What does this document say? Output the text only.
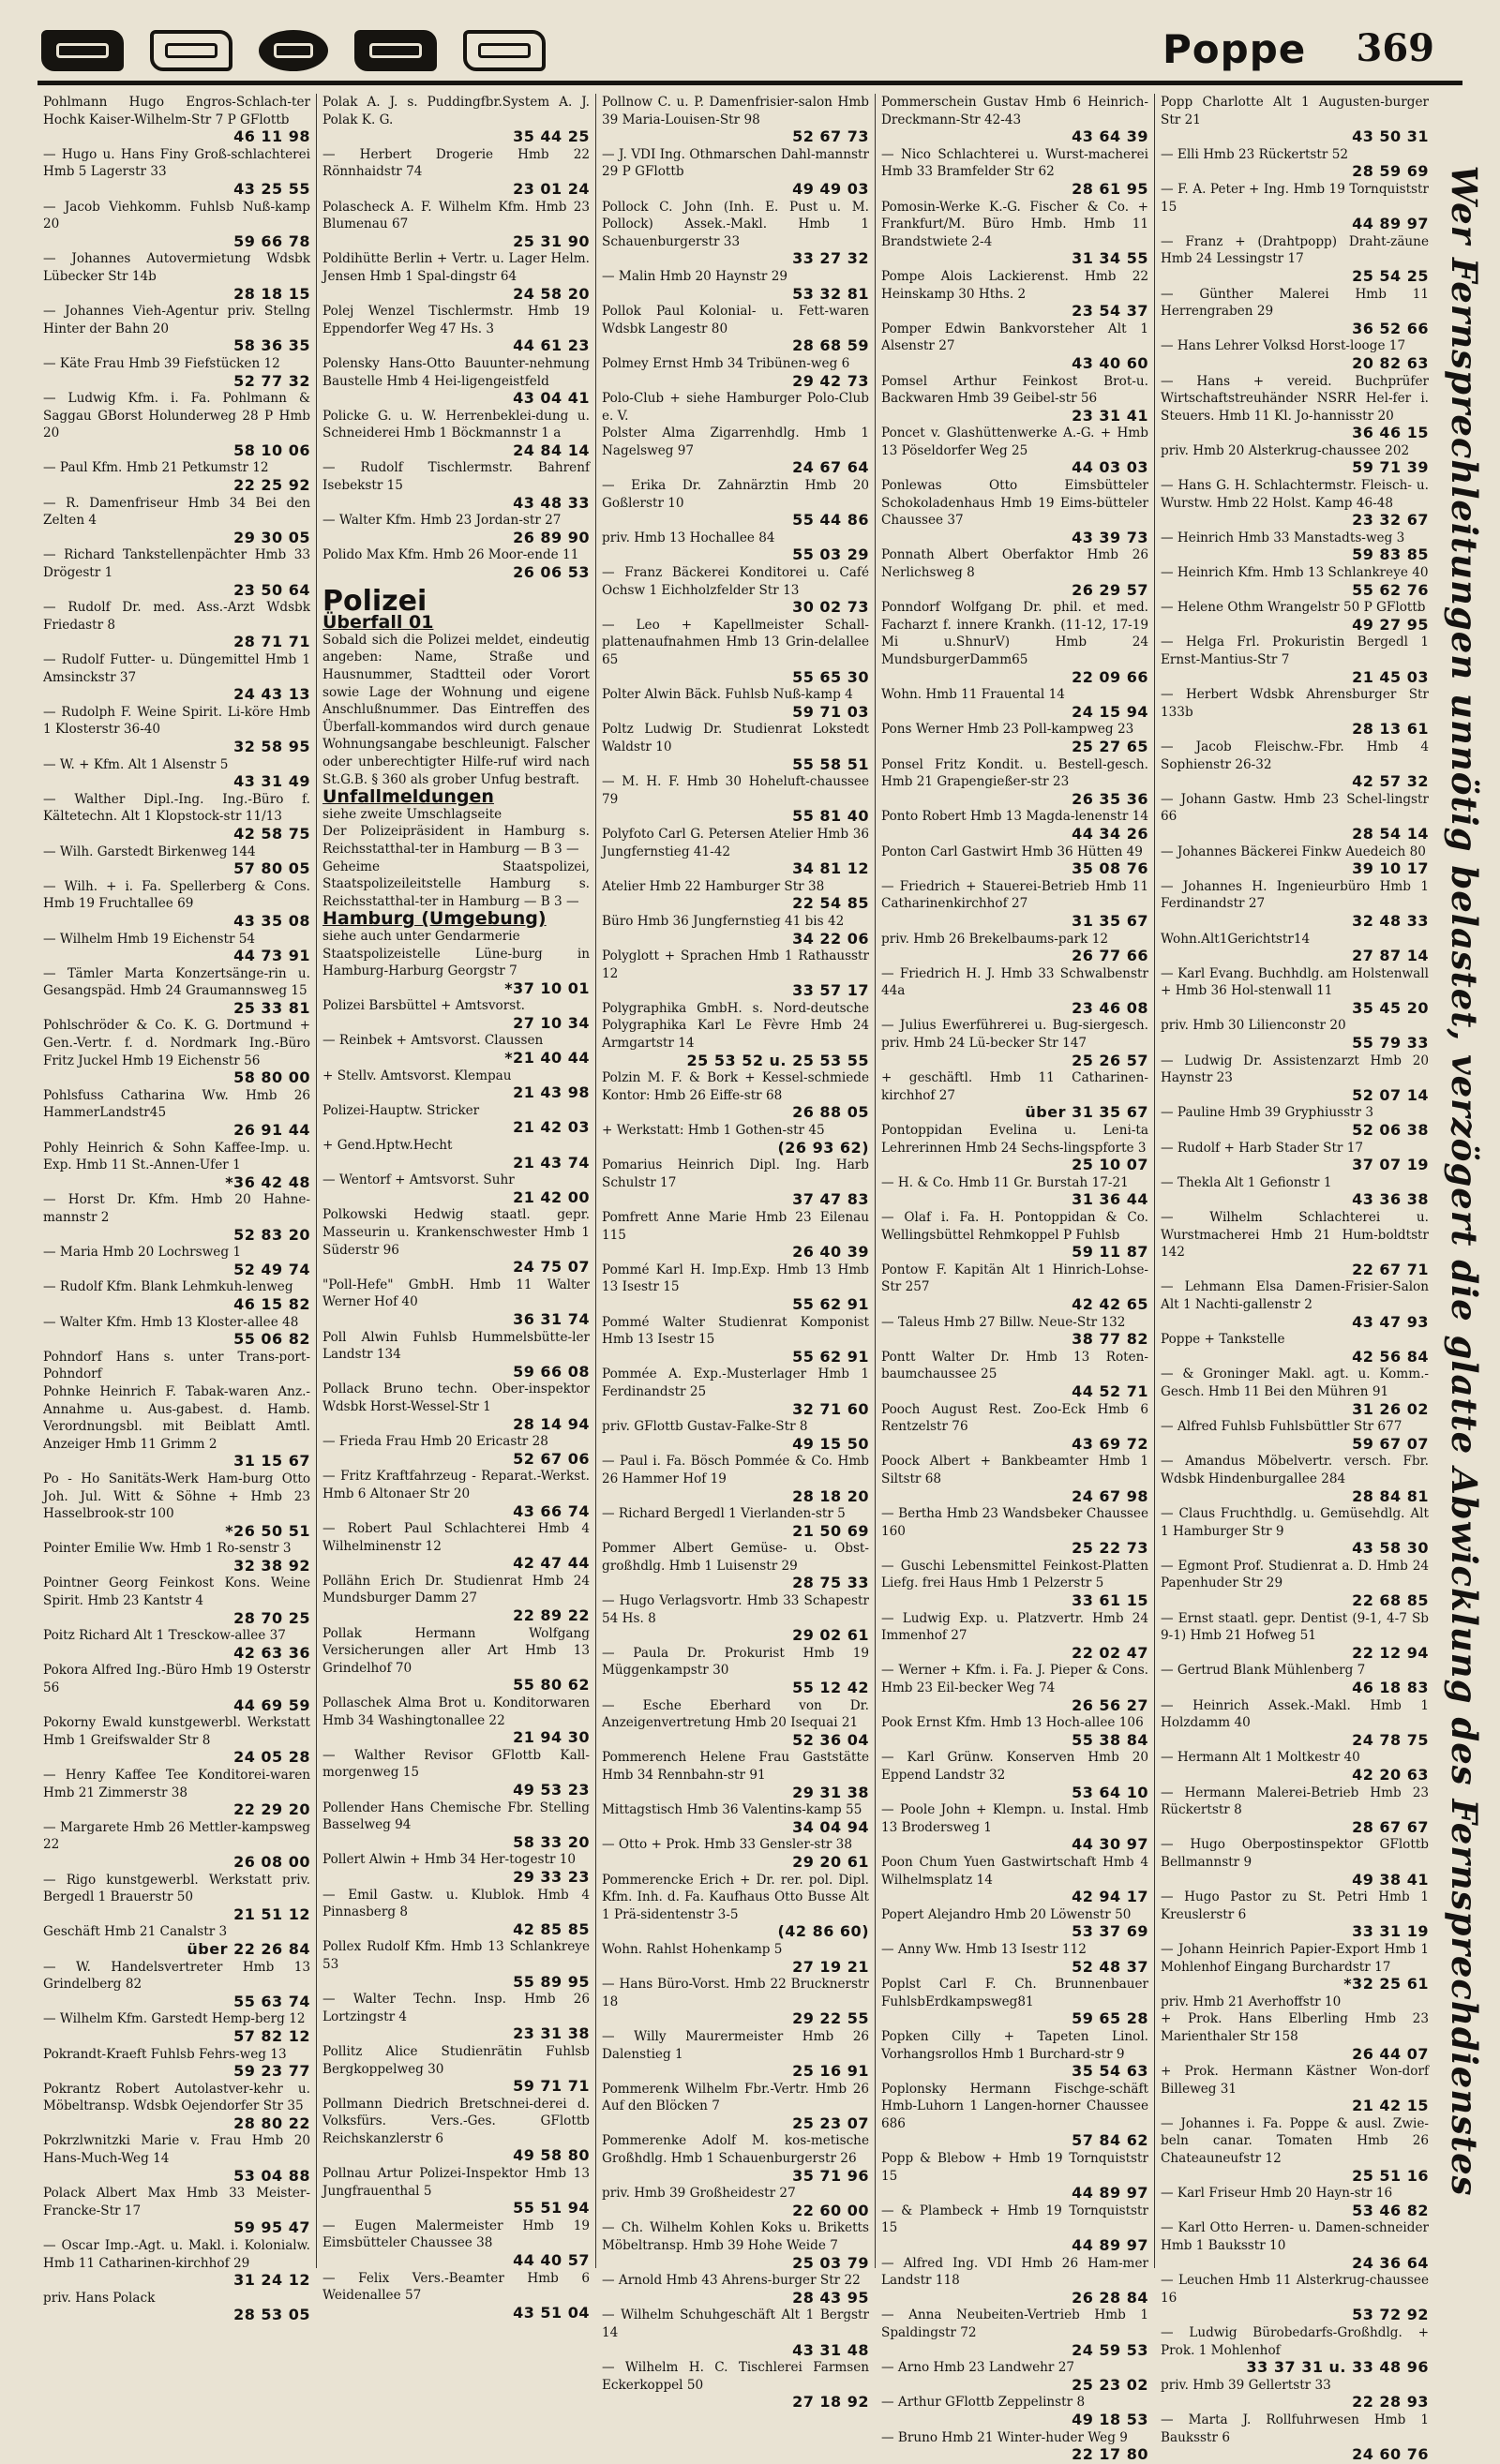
Poppe 369
Pohlmann Hugo Engros-Schlach-ter Hochk Kaiser-Wilhelm-Str 7 P GFlottb
46 11 98
— Hugo u. Hans Finy Groß-schlachterei Hmb 5 Lagerstr 33
43 25 55
— Jacob Viehkomm. Fuhlsb Nuß-kamp 20
59 66 78
— Johannes Autovermietung Wdsbk Lübecker Str 14b
28 18 15
— Johannes Vieh-Agentur priv. Stellng Hinter der Bahn 20
58 36 35
— Käte Frau Hmb 39 Fiefstücken 12
52 77 32
— Ludwig Kfm. i. Fa. Pohlmann & Saggau GBorst Holunderweg 28 P Hmb 20
58 10 06
— Paul Kfm. Hmb 21 Petkumstr 12
22 25 92
— R. Damenfriseur Hmb 34 Bei den Zelten 4
29 30 05
— Richard Tankstellenpächter Hmb 33 Drögestr 1
23 50 64
— Rudolf Dr. med. Ass.-Arzt Wdsbk Friedastr 8
28 71 71
— Rudolf Futter- u. Düngemittel Hmb 1 Amsinckstr 37
24 43 13
— Rudolph F. Weine Spirit. Li-köre Hmb 1 Klosterstr 36-40
32 58 95
— W. + Kfm. Alt 1 Alsenstr 5
43 31 49
— Walther Dipl.-Ing. Ing.-Büro f. Kältetechn. Alt 1 Klopstock-str 11/13
42 58 75
— Wilh. Garstedt Birkenweg 144
57 80 05
— Wilh. + i. Fa. Spellerberg & Cons. Hmb 19 Fruchtallee 69
43 35 08
— Wilhelm Hmb 19 Eichenstr 54
44 73 91
— Tämler Marta Konzertsänge-rin u. Gesangspäd. Hmb 24 Graumannsweg 15
25 33 81
Pohlschröder & Co. K. G. Dortmund + Gen.-Vertr. f. d. Nordmark Ing.-Büro Fritz Juckel Hmb 19 Eichenstr 56
58 80 00
Pohlsfuss Catharina Ww. Hmb 26 HammerLandstr45
26 91 44
Pohly Heinrich & Sohn Kaffee-Imp. u. Exp. Hmb 11 St.-Annen-Ufer 1
*36 42 48
— Horst Dr. Kfm. Hmb 20 Hahne-mannstr 2
52 83 20
— Maria Hmb 20 Lochrsweg 1
52 49 74
— Rudolf Kfm. Blank Lehmkuh-lenweg
46 15 82
— Walter Kfm. Hmb 13 Kloster-allee 48
55 06 82
Pohndorf Hans s. unter Trans-port-Pohndorf
Pohnke Heinrich F. Tabak-waren Anz.-Annahme u. Aus-gabest. d. Hamb. Verordnungsbl. mit Beiblatt Amtl. Anzeiger Hmb 11 Grimm 2
31 15 67
Po - Ho Sanitäts-Werk Ham-burg Otto Joh. Jul. Witt & Söhne + Hmb 23 Hasselbrook-str 100
*26 50 51
Pointer Emilie Ww. Hmb 1 Ro-senstr 3
32 38 92
Pointner Georg Feinkost Kons. Weine Spirit. Hmb 23 Kantstr 4
28 70 25
Poitz Richard Alt 1 Tresckow-allee 37
42 63 36
Pokora Alfred Ing.-Büro Hmb 19 Osterstr 56
44 69 59
Pokorny Ewald kunstgewerbl. Werkstatt Hmb 1 Greifswalder Str 8
24 05 28
— Henry Kaffee Tee Konditorei-waren Hmb 21 Zimmerstr 38
22 29 20
— Margarete Hmb 26 Mettler-kampsweg 22
26 08 00
— Rigo kunstgewerbl. Werkstatt priv. Bergedl 1 Brauerstr 50
21 51 12
Geschäft Hmb 21 Canalstr 3
über 22 26 84
— W. Handelsvertreter Hmb 13 Grindelberg 82
55 63 74
— Wilhelm Kfm. Garstedt Hemp-berg 12
57 82 12
Pokrandt-Kraeft Fuhlsb Fehrs-weg 13
59 23 77
Pokrantz Robert Autolastver-kehr u. Möbeltransp. Wdsbk Oejendorfer Str 35
28 80 22
Pokrzlwnitzki Marie v. Frau Hmb 20 Hans-Much-Weg 14
53 04 88
Polack Albert Max Hmb 33 Meister-Francke-Str 17
59 95 47
— Oscar Imp.-Agt. u. Makl. i. Kolonialw. Hmb 11 Catharinen-kirchhof 29
31 24 12
priv. Hans Polack
28 53 05
Polak A. J. s. Puddingfbr.System A. J. Polak K. G.
35 44 25
— Herbert Drogerie Hmb 22 Rönnhaidstr 74
23 01 24
Polascheck A. F. Wilhelm Kfm. Hmb 23 Blumenau 67
25 31 90
Poldihütte Berlin + Vertr. u. Lager Helm. Jensen Hmb 1 Spal-dingstr 64
24 58 20
Polej Wenzel Tischlermstr. Hmb 19 Eppendorfer Weg 47 Hs. 3
44 61 23
Polensky Hans-Otto Bauunter-nehmung Baustelle Hmb 4 Hei-ligengeistfeld
43 04 41
Policke G. u. W. Herrenbeklei-dung u. Schneiderei Hmb 1 Böckmannstr 1 a
24 84 14
— Rudolf Tischlermstr. Bahrenf Isebekstr 15
43 48 33
— Walter Kfm. Hmb 23 Jordan-str 27
26 89 90
Polido Max Kfm. Hmb 26 Moor-ende 11
26 06 53
Polizei
Überfall 01
Sobald sich die Polizei meldet, eindeutig angeben: Name, Straße und Hausnummer, Stadtteil oder Vorort sowie Lage der Wohnung und eigene Anschlußnummer. Das Eintreffen des Überfall-kommandos wird durch genaue Wohnungsangabe beschleunigt. Falscher oder unberechtigter Hilfe-ruf wird nach St.G.B. § 360 als grober Unfug bestraft.
Unfallmeldungen
siehe zweite Umschlagseite
Der Polizeipräsident in Hamburg s. Reichsstatthal-ter in Hamburg — B 3 —
Geheime Staatspolizei, Staatspolizeileitstelle Hamburg s. Reichsstatthal-ter in Hamburg — B 3 —
Hamburg (Umgebung)
siehe auch unter Gendarmerie
Staatspolizeistelle Lüne-burg in Hamburg-Harburg Georgstr 7
*37 10 01
Polizei Barsbüttel + Amtsvorst.
27 10 34
— Reinbek + Amtsvorst. Claussen
*21 40 44
+ Stellv. Amtsvorst. Klempau
21 43 98
Polizei-Hauptw. Stricker
21 42 03
+ Gend.Hptw.Hecht
21 43 74
— Wentorf + Amtsvorst. Suhr
21 42 00
Polkowski Hedwig staatl. gepr. Masseurin u. Krankenschwester Hmb 1 Süderstr 96
24 75 07
"Poll-Hefe" GmbH. Hmb 11 Walter Werner Hof 40
36 31 74
Poll Alwin Fuhlsb Hummelsbütte-ler Landstr 134
59 66 08
Pollack Bruno techn. Ober-inspektor Wdsbk Horst-Wessel-Str 1
28 14 94
— Frieda Frau Hmb 20 Ericastr 28
52 67 06
— Fritz Kraftfahrzeug - Reparat.-Werkst. Hmb 6 Altonaer Str 20
43 66 74
— Robert Paul Schlachterei Hmb 4 Wilhelminenstr 12
42 47 44
Pollähn Erich Dr. Studienrat Hmb 24 Mundsburger Damm 27
22 89 22
Pollak Hermann Wolfgang Versicherungen aller Art Hmb 13 Grindelhof 70
55 80 62
Pollaschek Alma Brot u. Konditorwaren Hmb 34 Washingtonallee 22
21 94 30
— Walther Revisor GFlottb Kall-morgenweg 15
49 53 23
Pollender Hans Chemische Fbr. Stelling Basselweg 94
58 33 20
Pollert Alwin + Hmb 34 Her-togestr 10
29 33 23
— Emil Gastw. u. Klublok. Hmb 4 Pinnasberg 8
42 85 85
Pollex Rudolf Kfm. Hmb 13 Schlankreye 53
55 89 95
— Walter Techn. Insp. Hmb 26 Lortzingstr 4
23 31 38
Pollitz Alice Studienrätin Fuhlsb Bergkoppelweg 30
59 71 71
Pollmann Diedrich Bretschnei-derei d. Volksfürs. Vers.-Ges. GFlottb Reichskanzlerstr 6
49 58 80
Pollnau Artur Polizei-Inspektor Hmb 13 Jungfrauenthal 5
55 51 94
— Eugen Malermeister Hmb 19 Eimsbütteler Chaussee 38
44 40 57
— Felix Vers.-Beamter Hmb 6 Weidenallee 57
43 51 04
Pollnow C. u. P. Damenfrisier-salon Hmb 39 Maria-Louisen-Str 98
52 67 73
— J. VDI Ing. Othmarschen Dahl-mannstr 29 P GFlottb
49 49 03
Pollock C. John (Inh. E. Pust u. M. Pollock) Assek.-Makl. Hmb 1 Schauenburgerstr 33
33 27 32
— Malin Hmb 20 Haynstr 29
53 32 81
Pollok Paul Kolonial- u. Fett-waren Wdsbk Langestr 80
28 68 59
Polmey Ernst Hmb 34 Tribünen-weg 6
29 42 73
Polo-Club + siehe Hamburger Polo-Club e. V.
Polster Alma Zigarrenhdlg. Hmb 1 Nagelsweg 97
24 67 64
— Erika Dr. Zahnärztin Hmb 20 Goßlerstr 10
55 44 86
priv. Hmb 13 Hochallee 84
55 03 29
— Franz Bäckerei Konditorei u. Café Ochsw 1 Eichholzfelder Str 13
30 02 73
— Leo + Kapellmeister Schall-plattenaufnahmen Hmb 13 Grin-delallee 65
55 65 30
Polter Alwin Bäck. Fuhlsb Nuß-kamp 4
59 71 03
Poltz Ludwig Dr. Studienrat Lokstedt Waldstr 10
55 58 51
— M. H. F. Hmb 30 Hoheluft-chaussee 79
55 81 40
Polyfoto Carl G. Petersen Atelier Hmb 36 Jungfernstieg 41-42
34 81 12
Atelier Hmb 22 Hamburger Str 38
22 54 85
Büro Hmb 36 Jungfernstieg 41 bis 42
34 22 06
Polyglott + Sprachen Hmb 1 Rathausstr 12
33 57 17
Polygraphika GmbH. s. Nord-deutsche Polygraphika Karl Le Fèvre Hmb 24 Armgartstr 14
25 53 52 u. 25 53 55
Polzin M. F. & Bork + Kessel-schmiede Kontor: Hmb 26 Eiffe-str 68
26 88 05
+ Werkstatt: Hmb 1 Gothen-str 45
(26 93 62)
Pomarius Heinrich Dipl. Ing. Harb Schulstr 17
37 47 83
Pomfrett Anne Marie Hmb 23 Eilenau 115
26 40 39
Pommé Karl H. Imp.Exp. Hmb 13 Hmb 13 Isestr 15
55 62 91
Pommé Walter Studienrat Komponist Hmb 13 Isestr 15
55 62 91
Pommée A. Exp.-Musterlager Hmb 1 Ferdinandstr 25
32 71 60
priv. GFlottb Gustav-Falke-Str 8
49 15 50
— Paul i. Fa. Bösch Pommée & Co. Hmb 26 Hammer Hof 19
28 18 20
— Richard Bergedl 1 Vierlanden-str 5
21 50 69
Pommer Albert Gemüse- u. Obst-großhdlg. Hmb 1 Luisenstr 29
28 75 33
— Hugo Verlagsvortr. Hmb 33 Schapestr 54 Hs. 8
29 02 61
— Paula Dr. Prokurist Hmb 19 Müggenkampstr 30
55 12 42
— Esche Eberhard von Dr. Anzeigenvertretung Hmb 20 Isequai 21
52 36 04
Pommerench Helene Frau Gaststätte Hmb 34 Rennbahn-str 91
29 31 38
Mittagstisch Hmb 36 Valentins-kamp 55
34 04 94
— Otto + Prok. Hmb 33 Gensler-str 38
29 20 61
Pommerencke Erich + Dr. rer. pol. Dipl. Kfm. Inh. d. Fa. Kaufhaus Otto Busse Alt 1 Prä-sidentenstr 3-5
(42 86 60)
Wohn. Rahlst Hohenkamp 5
27 19 21
— Hans Büro-Vorst. Hmb 22 Brucknerstr 18
29 22 55
— Willy Maurermeister Hmb 26 Dalenstieg 1
25 16 91
Pommerenk Wilhelm Fbr.-Vertr. Hmb 26 Auf den Blöcken 7
25 23 07
Pommerenke Adolf M. kos-metische Großhdlg. Hmb 1 Schauenburgerstr 26
35 71 96
priv. Hmb 39 Großheidestr 27
22 60 00
— Ch. Wilhelm Kohlen Koks u. Briketts Möbeltransp. Hmb 39 Hohe Weide 7
25 03 79
— Arnold Hmb 43 Ahrens-burger Str 22
28 43 95
— Wilhelm Schuhgeschäft Alt 1 Bergstr 14
43 31 48
— Wilhelm H. C. Tischlerei Farmsen Eckerkoppel 50
27 18 92
Pommerschein Gustav Hmb 6 Heinrich-Dreckmann-Str 42-43
43 64 39
— Nico Schlachterei u. Wurst-macherei Hmb 33 Bramfelder Str 62
28 61 95
Pomosin-Werke K.-G. Fischer & Co. + Frankfurt/M. Büro Hmb. Hmb 11 Brandstwiete 2-4
31 34 55
Pompe Alois Lackierenst. Hmb 22 Heinskamp 30 Hths. 2
23 54 37
Pomper Edwin Bankvorsteher Alt 1 Alsenstr 27
43 40 60
Pomsel Arthur Feinkost Brot-u. Backwaren Hmb 39 Geibel-str 56
23 31 41
Poncet v. Glashüttenwerke A.-G. + Hmb 13 Pöseldorfer Weg 25
44 03 03
Ponlewas Otto Eimsbütteler Schokoladenhaus Hmb 19 Eims-bütteler Chaussee 37
43 39 73
Ponnath Albert Oberfaktor Hmb 26 Nerlichsweg 8
26 29 57
Ponndorf Wolfgang Dr. phil. et med. Facharzt f. innere Krankh. (11-12, 17-19 Mi u.ShnurV) Hmb 24 MundsburgerDamm65
22 09 66
Wohn. Hmb 11 Frauental 14
24 15 94
Pons Werner Hmb 23 Poll-kampweg 23
25 27 65
Ponsel Fritz Kondit. u. Bestell-gesch. Hmb 21 Grapengießer-str 23
26 35 36
Ponto Robert Hmb 13 Magda-lenenstr 14
44 34 26
Ponton Carl Gastwirt Hmb 36 Hütten 49
35 08 76
— Friedrich + Stauerei-Betrieb Hmb 11 Catharinenkirchhof 27
31 35 67
priv. Hmb 26 Brekelbaums-park 12
26 77 66
— Friedrich H. J. Hmb 33 Schwalbenstr 44a
23 46 08
— Julius Ewerführerei u. Bug-siergesch. priv. Hmb 24 Lü-becker Str 147
25 26 57
+ geschäftl. Hmb 11 Catharinen-kirchhof 27
über 31 35 67
Pontoppidan Evelina u. Leni-ta Lehrerinnen Hmb 24 Sechs-lingspforte 3
25 10 07
— H. & Co. Hmb 11 Gr. Burstah 17-21
31 36 44
— Olaf i. Fa. H. Pontoppidan & Co. Wellingsbüttel Rehmkoppel P Fuhlsb
59 11 87
Pontow F. Kapitän Alt 1 Hinrich-Lohse-Str 257
42 42 65
— Taleus Hmb 27 Billw. Neue-Str 132
38 77 82
Pontt Walter Dr. Hmb 13 Roten-baumchaussee 25
44 52 71
Pooch August Rest. Zoo-Eck Hmb 6 Rentzelstr 76
43 69 72
Poock Albert + Bankbeamter Hmb 1 Siltstr 68
24 67 98
— Bertha Hmb 23 Wandsbeker Chaussee 160
25 22 73
— Guschi Lebensmittel Feinkost-Platten Liefg. frei Haus Hmb 1 Pelzerstr 5
33 61 15
— Ludwig Exp. u. Platzvertr. Hmb 24 Immenhof 27
22 02 47
— Werner + Kfm. i. Fa. J. Pieper & Cons. Hmb 23 Eil-becker Weg 74
26 56 27
Pook Ernst Kfm. Hmb 13 Hoch-allee 106
55 38 84
— Karl Grünw. Konserven Hmb 20 Eppend Landstr 32
53 64 10
— Poole John + Klempn. u. Instal. Hmb 13 Brodersweg 1
44 30 97
Poon Chum Yuen Gastwirtschaft Hmb 4 Wilhelmsplatz 14
42 94 17
Popert Alejandro Hmb 20 Löwenstr 50
53 37 69
— Anny Ww. Hmb 13 Isestr 112
52 48 37
Poplst Carl F. Ch. Brunnenbauer FuhlsbErdkampsweg81
59 65 28
Popken Cilly + Tapeten Linol. Vorhangsrollos Hmb 1 Burchard-str 9
35 54 63
Poplonsky Hermann Fischge-schäft Hmb-Luhorn 1 Langen-horner Chaussee 686
57 84 62
Popp & Blebow + Hmb 19 Tornquiststr 15
44 89 97
— & Plambeck + Hmb 19 Tornquiststr 15
44 89 97
— Alfred Ing. VDI Hmb 26 Ham-mer Landstr 118
26 28 84
— Anna Neubeiten-Vertrieb Hmb 1 Spaldingstr 72
24 59 53
— Arno Hmb 23 Landwehr 27
25 23 02
— Arthur GFlottb Zeppelinstr 8
49 18 53
— Bruno Hmb 21 Winter-huder Weg 9
22 17 80
Popp Charlotte Alt 1 Augusten-burger Str 21
43 50 31
— Elli Hmb 23 Rückertstr 52
28 59 69
— F. A. Peter + Ing. Hmb 19 Tornquiststr 15
44 89 97
— Franz + (Drahtpopp) Draht-zäune Hmb 24 Lessingstr 17
25 54 25
— Günther Malerei Hmb 11 Herrengraben 29
36 52 66
— Hans Lehrer Volksd Horst-looge 17
20 82 63
— Hans + vereid. Buchprüfer Wirtschaftstreuhänder NSRR Hel-fer i. Steuers. Hmb 11 Kl. Jo-hannisstr 20
36 46 15
priv. Hmb 20 Alsterkrug-chaussee 202
59 71 39
— Hans G. H. Schlachtermstr. Fleisch- u. Wurstw. Hmb 22 Holst. Kamp 46-48
23 32 67
— Heinrich Hmb 33 Manstadts-weg 3
59 83 85
— Heinrich Kfm. Hmb 13 Schlankreye 40
55 62 76
— Helene Othm Wrangelstr 50 P GFlottb
49 27 95
— Helga Frl. Prokuristin Bergedl 1 Ernst-Mantius-Str 7
21 45 03
— Herbert Wdsbk Ahrensburger Str 133b
28 13 61
— Jacob Fleischw.-Fbr. Hmb 4 Sophienstr 26-32
42 57 32
— Johann Gastw. Hmb 23 Schel-lingstr 66
28 54 14
— Johannes Bäckerei Finkw Auedeich 80
39 10 17
— Johannes H. Ingenieurbüro Hmb 1 Ferdinandstr 27
32 48 33
Wohn.Alt1Gerichtstr14
27 87 14
— Karl Evang. Buchhdlg. am Holstenwall + Hmb 36 Hol-stenwall 11
35 45 20
priv. Hmb 30 Lilienconstr 20
55 79 33
— Ludwig Dr. Assistenzarzt Hmb 20 Haynstr 23
52 07 14
— Pauline Hmb 39 Gryphiusstr 3
52 06 38
— Rudolf + Harb Stader Str 17
37 07 19
— Thekla Alt 1 Gefionstr 1
43 36 38
— Wilhelm Schlachterei u. Wurstmacherei Hmb 21 Hum-boldtstr 142
22 67 71
— Lehmann Elsa Damen-Frisier-Salon Alt 1 Nachti-gallenstr 2
43 47 93
Poppe + Tankstelle
42 56 84
— & Groninger Makl. agt. u. Komm.-Gesch. Hmb 11 Bei den Mühren 91
31 26 02
— Alfred Fuhlsb Fuhlsbüttler Str 677
59 67 07
— Amandus Möbelvertr. versch. Fbr. Wdsbk Hindenburgallee 284
28 84 81
— Claus Fruchthdlg. u. Gemüsehdlg. Alt 1 Hamburger Str 9
43 58 30
— Egmont Prof. Studienrat a. D. Hmb 24 Papenhuder Str 29
22 68 85
— Ernst staatl. gepr. Dentist (9-1, 4-7 Sb 9-1) Hmb 21 Hofweg 51
22 12 94
— Gertrud Blank Mühlenberg 7
46 18 83
— Heinrich Assek.-Makl. Hmb 1 Holzdamm 40
24 78 75
— Hermann Alt 1 Moltkestr 40
42 20 63
— Hermann Malerei-Betrieb Hmb 23 Rückertstr 8
28 67 67
— Hugo Oberpostinspektor GFlottb Bellmannstr 9
49 38 41
— Hugo Pastor zu St. Petri Hmb 1 Kreuslerstr 6
33 31 19
— Johann Heinrich Papier-Export Hmb 1 Mohlenhof Eingang Burchardstr 17
*32 25 61
priv. Hmb 21 Averhoffstr 10
+ Prok. Hans Elberling Hmb 23 Marienthaler Str 158
26 44 07
+ Prok. Hermann Kästner Won-dorf Billeweg 31
21 42 15
— Johannes i. Fa. Poppe & ausl. Zwie-beln canar. Tomaten Hmb 26 Chateauneufstr 12
25 51 16
— Karl Friseur Hmb 20 Hayn-str 16
53 46 82
— Karl Otto Herren- u. Damen-schneider Hmb 1 Bauksstr 10
24 36 64
— Leuchen Hmb 11 Alsterkrug-chaussee 16
53 72 92
— Ludwig Bürobedarfs-Großhdlg. + Prok. 1 Mohlenhof
33 37 31 u. 33 48 96
priv. Hmb 39 Gellertstr 33
22 28 93
— Marta J. Rollfuhrwesen Hmb 1 Bauksstr 6
24 60 76
Wer Fernsprechleitungen unnötig belastet, verzögert die glatte Abwicklung des Fernsprechdienstes
